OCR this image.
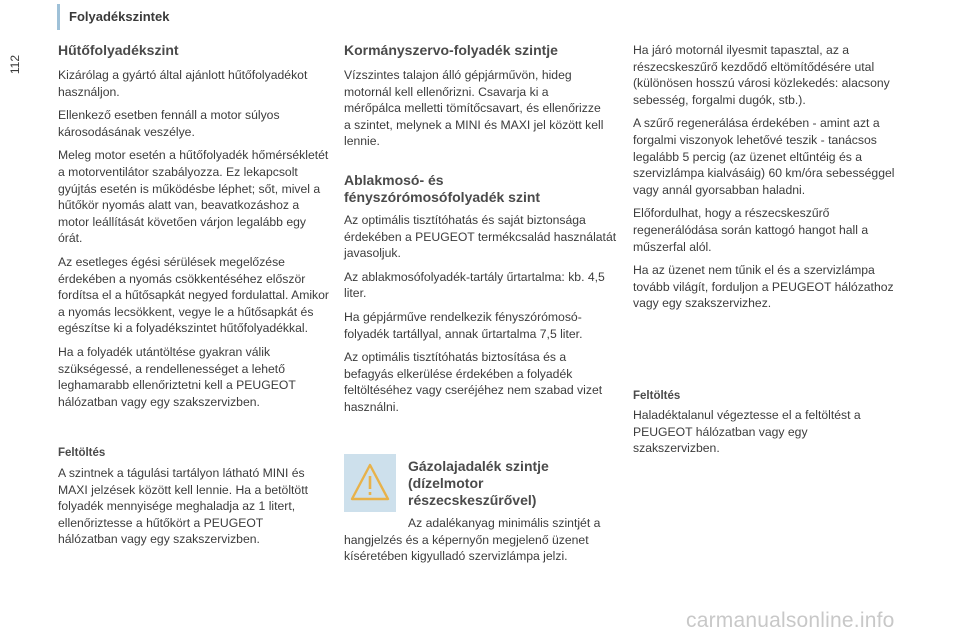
Folyadékszintek
112
Hűtőfolyadékszint

Kizárólag a gyártó által ajánlott hűtőfolyadékot használjon.

Ellenkező esetben fennáll a motor súlyos károsodásának veszélye.

Meleg motor esetén a hűtőfolyadék hőmérsékletét a motorventilátor szabályozza. Ez lekapcsolt gyújtás esetén is működésbe léphet; sőt, mivel a hűtőkör nyomás alatt van, beavatkozáshoz a motor leállítását követően várjon legalább egy órát.

Az esetleges égési sérülések megelőzése érdekében a nyomás csökkentéséhez először fordítsa el a hűtősapkát negyed fordulattal. Amikor a nyomás lecsökkent, vegye le a hűtősapkát és egészítse ki a folyadékszintet hűtőfolyadékkal.

Ha a folyadék utántöltése gyakran válik szükségessé, a rendellenességet a lehető leghamarabb ellenőriztetni kell a PEUGEOT hálózatban vagy egy szakszervizben.

Feltöltés

A szintnek a tágulási tartályon látható MINI és MAXI jelzések között kell lennie. Ha a betöltött folyadék mennyisége meghaladja az 1 litert, ellenőriztesse a hűtőkört a PEUGEOT hálózatban vagy egy szakszervizben.

Kormányszervo-folyadék szintje

Vízszintes talajon álló gépjárművön, hideg motornál kell ellenőrizni. Csavarja ki a mérőpálca melletti tömítőcsavart, és ellenőrizze a szintet, melynek a MINI és MAXI jel között kell lennie.

Ablakmosó- és fényszórómosófolyadék szint

Az optimális tisztítóhatás és saját biztonsága érdekében a PEUGEOT termékcsalád használatát javasoljuk.

Az ablakmosófolyadék-tartály űrtartalma: kb. 4,5 liter.

Ha gépjárműve rendelkezik fényszórómosó-folyadék tartállyal, annak űrtartalma 7,5 liter.

Az optimális tisztítóhatás biztosítása és a befagyás elkerülése érdekében a folyadék feltöltéséhez vagy cseréjéhez nem szabad vizet használni.

Gázolajadalék szintje (dízelmotor részecskeszűrővel)

Az adalékanyag minimális szintjét a hangjelzés és a képernyőn megjelenő üzenet kíséretében kigyulladó szervizlámpa jelzi.

Ha járó motornál ilyesmit tapasztal, az a részecskeszűrő kezdődő eltömítődésére utal (különösen hosszú városi közlekedés: alacsony sebesség, forgalmi dugók, stb.).

A szűrő regenerálása érdekében - amint azt a forgalmi viszonyok lehetővé teszik - tanácsos legalább 5 percig (az üzenet eltűntéig és a szervizlámpa kialvásáig) 60 km/óra sebességgel vagy annál gyorsabban haladni.

Előfordulhat, hogy a részecskeszűrő regenerálódása során kattogó hangot hall a műszerfal alól.

Ha az üzenet nem tűnik el és a szervizlámpa tovább világít, forduljon a PEUGEOT hálózathoz vagy egy szakszervizhez.

Feltöltés

Haladéktalanul végeztesse el a feltöltést a PEUGEOT hálózatban vagy egy szakszervizben.

carmanualsonline.info
